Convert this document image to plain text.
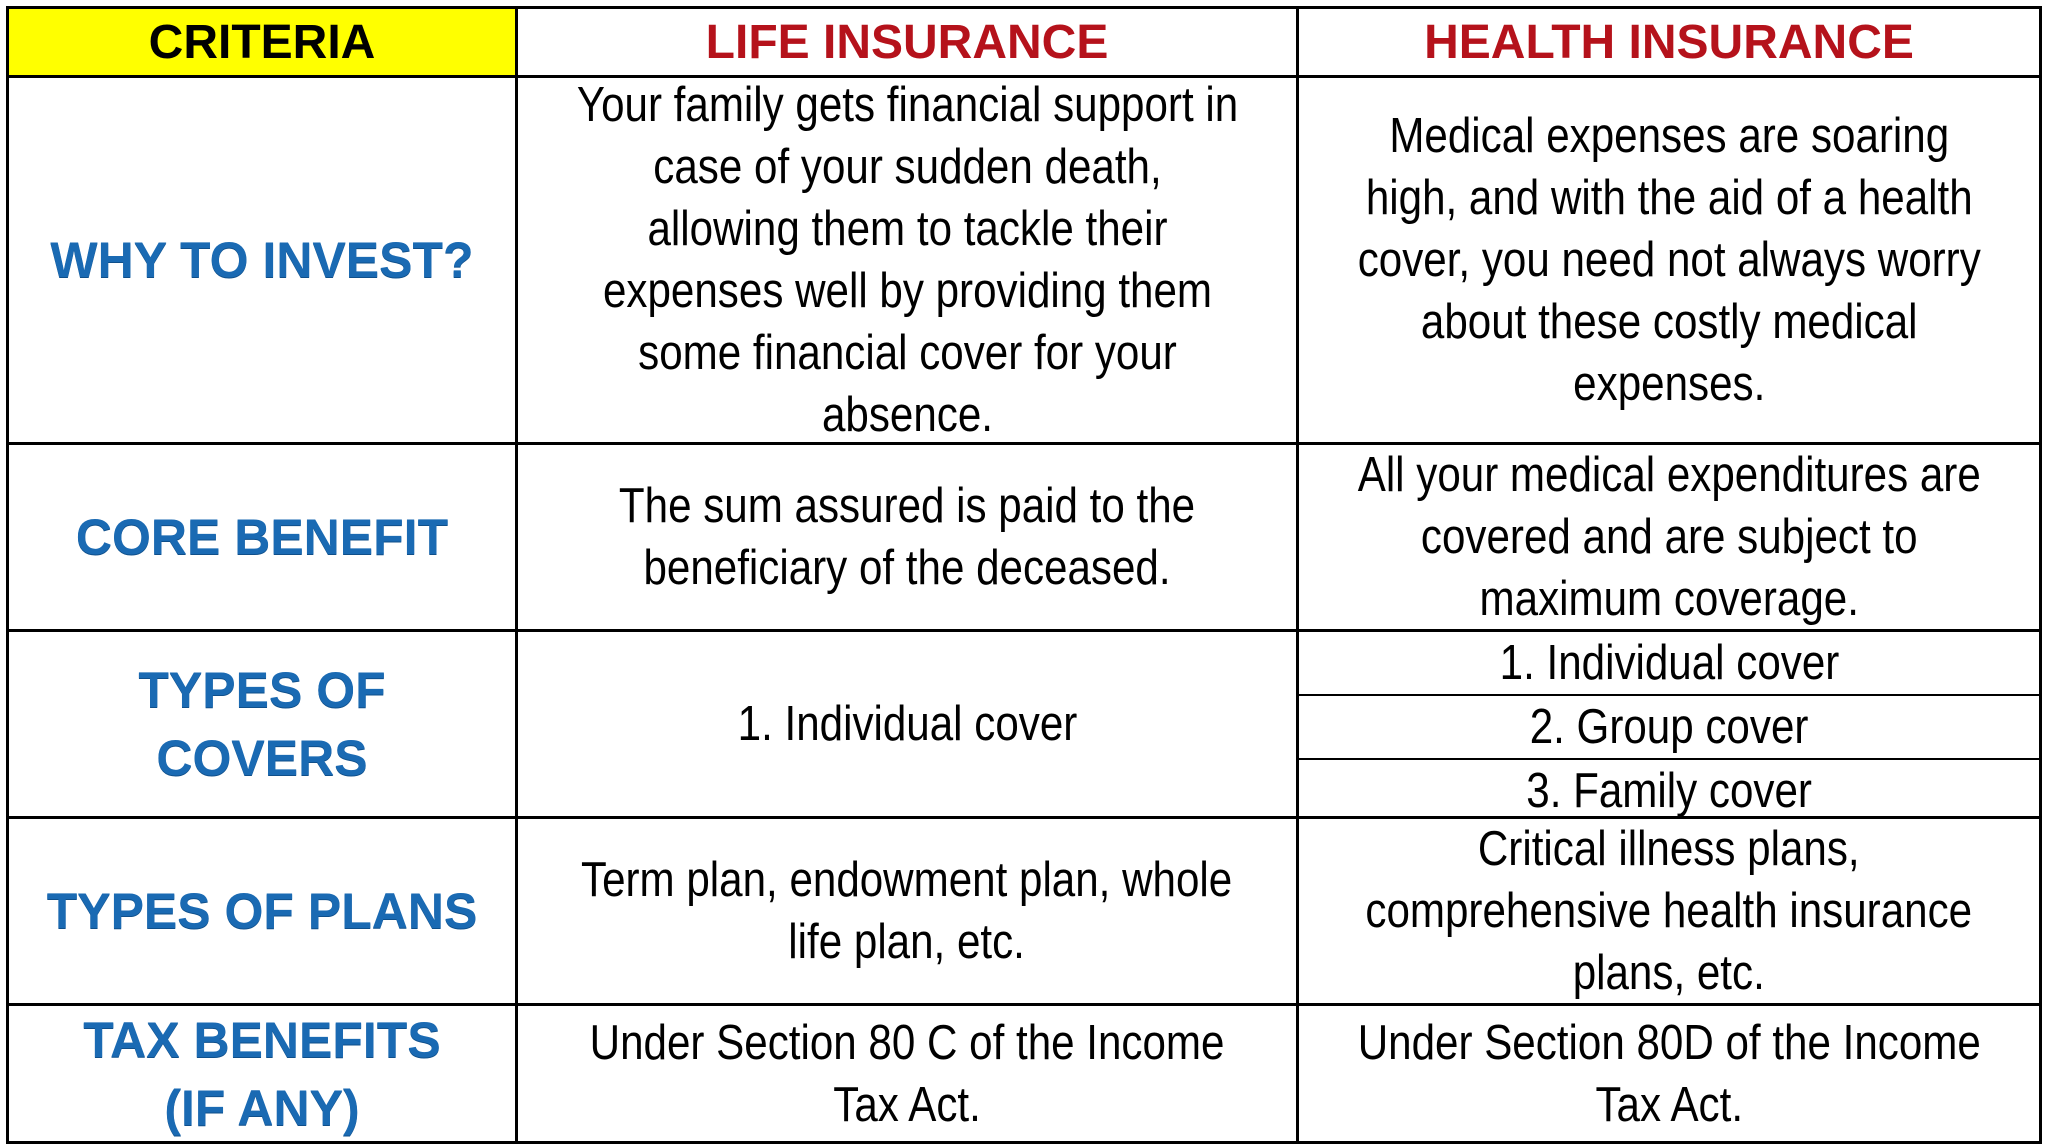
CRITERIA	LIFE INSURANCE	HEALTH INSURANCE
WHY TO INVEST?
Your family gets financial support in
case of your sudden death,
allowing them to tackle their
expenses well by providing them
some financial cover for your
absence.
Medical expenses are soaring
high, and with the aid of a health
cover, you need not always worry
about these costly medical
expenses.
CORE BENEFIT
The sum assured is paid to the
beneficiary of the deceased.
All your medical expenditures are
covered and are subject to
maximum coverage.
TYPES OF
COVERS
1. Individual cover
1. Individual cover
2. Group cover
3. Family cover
TYPES OF PLANS
Term plan, endowment plan, whole
life plan, etc.
Critical illness plans,
comprehensive health insurance
plans, etc.
TAX BENEFITS
(IF ANY)
Under Section 80 C of the Income
Tax Act.
Under Section 80D of the Income
Tax Act.
